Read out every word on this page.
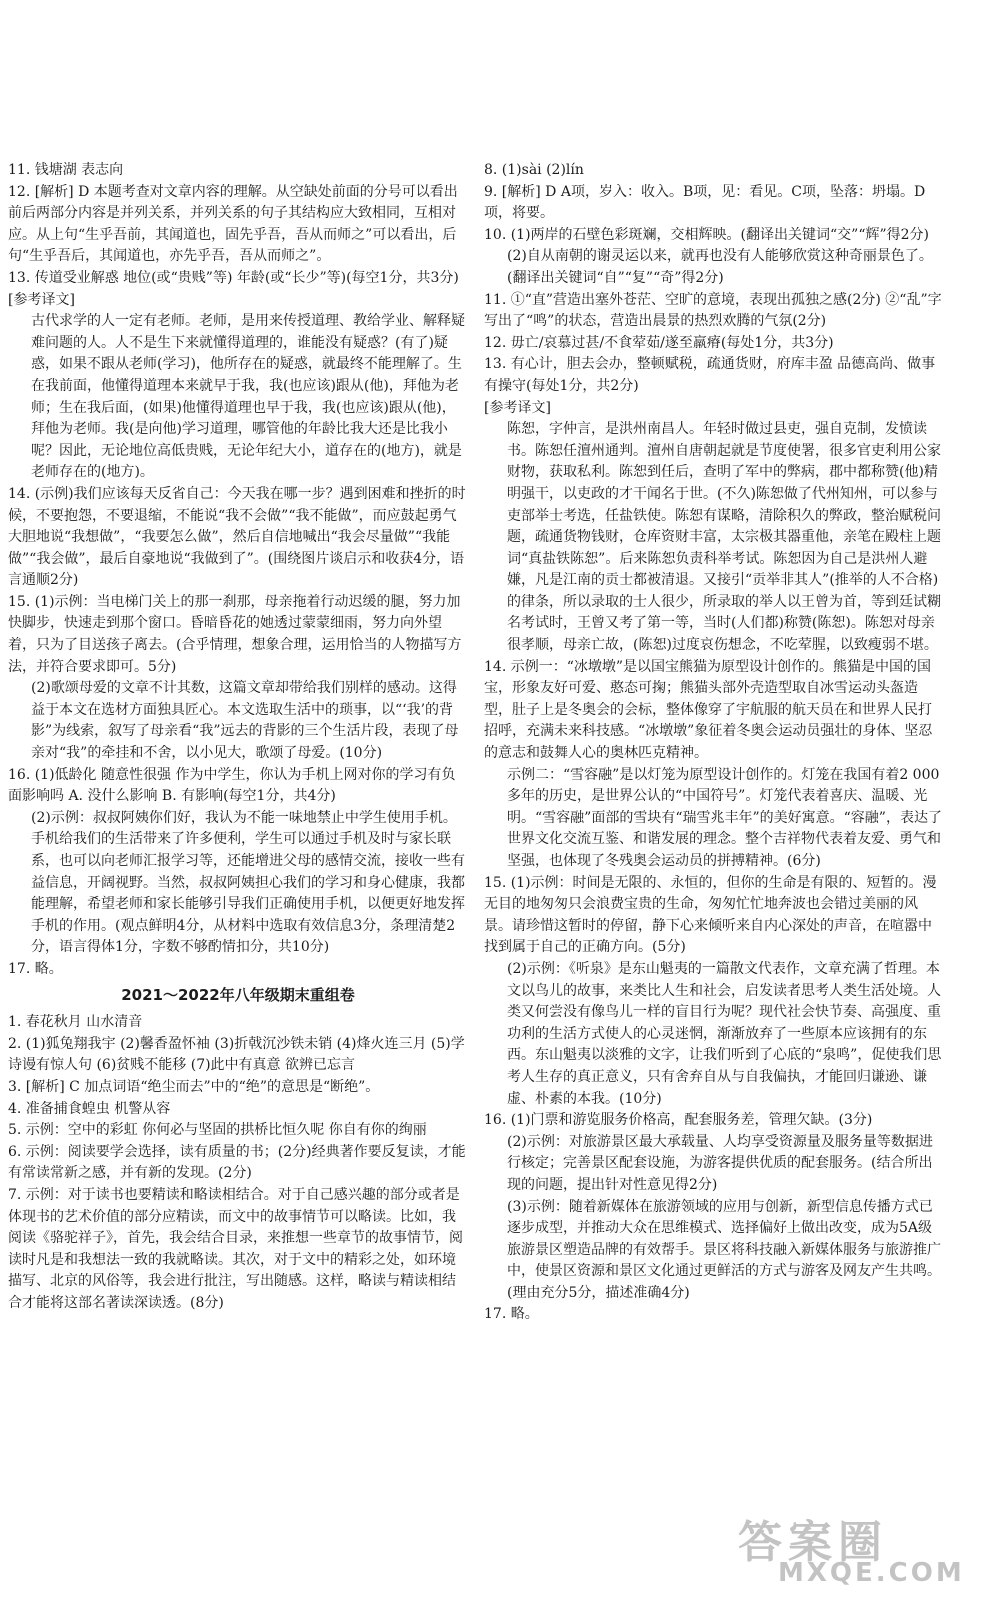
11. 钱塘湖 表志向

12. [解析] D 本题考查对文章内容的理解。从空缺处前面的分号可以看出前后两部分内容是并列关系，并列关系的句子其结构应大致相同，互相对应。从上句“生乎吾前，其闻道也，固先乎吾，吾从而师之”可以看出，后句“生乎吾后，其闻道也，亦先乎吾，吾从而师之”。

13. 传道受业解惑 地位(或“贵贱”等) 年龄(或“长少”等)(每空1分，共3分)

[参考译文]

古代求学的人一定有老师。老师，是用来传授道理、教给学业、解释疑难问题的人。人不是生下来就懂得道理的，谁能没有疑惑？(有了)疑惑，如果不跟从老师(学习)，他所存在的疑惑，就最终不能理解了。生在我前面，他懂得道理本来就早于我，我(也应该)跟从(他)，拜他为老师；生在我后面，(如果)他懂得道理也早于我，我(也应该)跟从(他)，拜他为老师。我(是向他)学习道理，哪管他的年龄比我大还是比我小呢？因此，无论地位高低贵贱，无论年纪大小，道存在的(地方)，就是老师存在的(地方)。

14. (示例)我们应该每天反省自己：今天我在哪一步？遇到困难和挫折的时候，不要抱怨，不要退缩，不能说“我不会做”“我不能做”，而应鼓起勇气大胆地说“我想做”，“我要怎么做”，然后自信地喊出“我会尽量做”“我能做”“我会做”，最后自豪地说“我做到了”。(围绕图片谈启示和收获4分，语言通顺2分)

15. (1)示例：当电梯门关上的那一刹那，母亲拖着行动迟缓的腿，努力加快脚步，快速走到那个窗口。昏暗昏花的她透过蒙蒙细雨，努力向外望着，只为了目送孩子离去。(合乎情理，想象合理，运用恰当的人物描写方法，并符合要求即可。5分)

(2)歌颂母爱的文章不计其数，这篇文章却带给我们别样的感动。这得益于本文在选材方面独具匠心。本文选取生活中的琐事，以“‘我’的背影”为线索，叙写了母亲看“我”远去的背影的三个生活片段，表现了母亲对“我”的牵挂和不舍，以小见大，歌颂了母爱。(10分)

16. (1)低龄化 随意性很强 作为中学生，你认为手机上网对你的学习有负面影响吗 A. 没什么影响 B. 有影响(每空1分，共4分)

(2)示例：叔叔阿姨你们好，我认为不能一味地禁止中学生使用手机。手机给我们的生活带来了许多便利，学生可以通过手机及时与家长联系，也可以向老师汇报学习等，还能增进父母的感情交流，接收一些有益信息，开阔视野。当然，叔叔阿姨担心我们的学习和身心健康，我都能理解，希望老师和家长能够引导我们正确使用手机，以便更好地发挥手机的作用。(观点鲜明4分，从材料中选取有效信息3分，条理清楚2分，语言得体1分，字数不够酌情扣分，共10分)

17. 略。

2021～2022年八年级期末重组卷

1. 春花秋月 山水清音

2. (1)狐兔翔我宇 (2)馨香盈怀袖 (3)折戟沉沙铁未销 (4)烽火连三月 (5)学诗谩有惊人句 (6)贫贱不能移 (7)此中有真意 欲辨已忘言

3. [解析] C 加点词语“绝尘而去”中的“绝”的意思是“断绝”。

4. 准备捕食蝗虫 机警从容

5. 示例：空中的彩虹 你何必与坚固的拱桥比恒久呢 你自有你的绚丽

6. 示例：阅读要学会选择，读有质量的书；(2分)经典著作要反复读，才能有常读常新之感，并有新的发现。(2分)

7. 示例：对于读书也要精读和略读相结合。对于自己感兴趣的部分或者是体现书的艺术价值的部分应精读，而文中的故事情节可以略读。比如，我阅读《骆驼祥子》，首先，我会结合目录，来推想一些章节的故事情节，阅读时凡是和我想法一致的我就略读。其次，对于文中的精彩之处，如环境描写、北京的风俗等，我会进行批注，写出随感。这样，略读与精读相结合才能将这部名著读深读透。(8分)

8. (1)sài (2)lín

9. [解析] D A项，岁入：收入。B项，见：看见。C项，坠落：坍塌。D项，将要。

10. (1)两岸的石壁色彩斑斓，交相辉映。(翻译出关键词“交”“辉”得2分)

(2)自从南朝的谢灵运以来，就再也没有人能够欣赏这种奇丽景色了。(翻译出关键词“自”“复”“奇”得2分)

11. ①“直”营造出塞外苍茫、空旷的意境，表现出孤独之感(2分) ②“乱”字写出了“鸣”的状态，营造出晨景的热烈欢腾的气氛(2分)

12. 毋亡/哀慕过甚/不食荤茹/遂至羸瘠(每处1分，共3分)

13. 有心计，胆去会办，整顿赋税，疏通货财，府库丰盈 品德高尚、做事有操守(每处1分，共2分)

[参考译文]

陈恕，字仲言，是洪州南昌人。年轻时做过县吏，强自克制，发愤读书。陈恕任澶州通判。澶州自唐朝起就是节度使署，很多官吏利用公家财物，获取私利。陈恕到任后，查明了军中的弊病，郡中都称赞(他)精明强干，以吏政的才干闻名于世。(不久)陈恕做了代州知州，可以参与吏部举士考选，任盐铁使。陈恕有谋略，清除积久的弊政，整治赋税问题，疏通货物钱财，仓库资财丰富，太宗极其器重他，亲笔在殿柱上题词“真盐铁陈恕”。后来陈恕负责科举考试。陈恕因为自己是洪州人避嫌，凡是江南的贡士都被清退。又接引“贡举非其人”(推举的人不合格)的律条，所以录取的士人很少，所录取的举人以王曾为首，等到廷试糊名考试时，王曾又考了第一等，当时(人们都)称赞(陈恕)。陈恕对母亲很孝顺，母亲亡故，(陈恕)过度哀伤想念，不吃荤腥，以致瘦弱不堪。

14. 示例一：“冰墩墩”是以国宝熊猫为原型设计创作的。熊猫是中国的国宝，形象友好可爱、憨态可掬；熊猫头部外壳造型取自冰雪运动头盔造型，肚子上是冬奥会的会标，整体像穿了宇航服的航天员在和世界人民打招呼，充满未来科技感。“冰墩墩”象征着冬奥会运动员强壮的身体、坚忍的意志和鼓舞人心的奥林匹克精神。

示例二：“雪容融”是以灯笼为原型设计创作的。灯笼在我国有着2 000多年的历史，是世界公认的“中国符号”。灯笼代表着喜庆、温暖、光明。“雪容融”面部的雪块有“瑞雪兆丰年”的美好寓意。“容融”，表达了世界文化交流互鉴、和谐发展的理念。整个吉祥物代表着友爱、勇气和坚强，也体现了冬残奥会运动员的拼搏精神。(6分)

15. (1)示例：时间是无限的、永恒的，但你的生命是有限的、短暂的。漫无目的地匆匆只会浪费宝贵的生命，匆匆忙忙地奔波也会错过美丽的风景。请珍惜这暂时的停留，静下心来倾听来自内心深处的声音，在喧嚣中找到属于自己的正确方向。(5分)

(2)示例：《听泉》是东山魁夷的一篇散文代表作，文章充满了哲理。本文以鸟儿的故事，来类比人生和社会，启发读者思考人类生活处境。人类又何尝没有像鸟儿一样的盲目行为呢？现代社会快节奏、高强度、重功利的生活方式使人的心灵迷惘，渐渐放弃了一些原本应该拥有的东西。东山魁夷以淡雅的文字，让我们听到了心底的“泉鸣”，促使我们思考人生存的真正意义，只有舍弃自从与自我偏执，才能回归谦逊、谦虚、朴素的本我。(10分)

16. (1)门票和游览服务价格高，配套服务差，管理欠缺。(3分)

(2)示例：对旅游景区最大承载量、人均享受资源量及服务量等数据进行核定；完善景区配套设施，为游客提供优质的配套服务。(结合所出现的问题，提出针对性意见得2分)

(3)示例：随着新媒体在旅游领域的应用与创新，新型信息传播方式已逐步成型，并推动大众在思维模式、选择偏好上做出改变，成为5A级旅游景区塑造品牌的有效帮手。景区将科技融入新媒体服务与旅游推广中，使景区资源和景区文化通过更鲜活的方式与游客及网友产生共鸣。(理由充分5分，描述准确4分)

17. 略。

答案圈
MXQE.COM
